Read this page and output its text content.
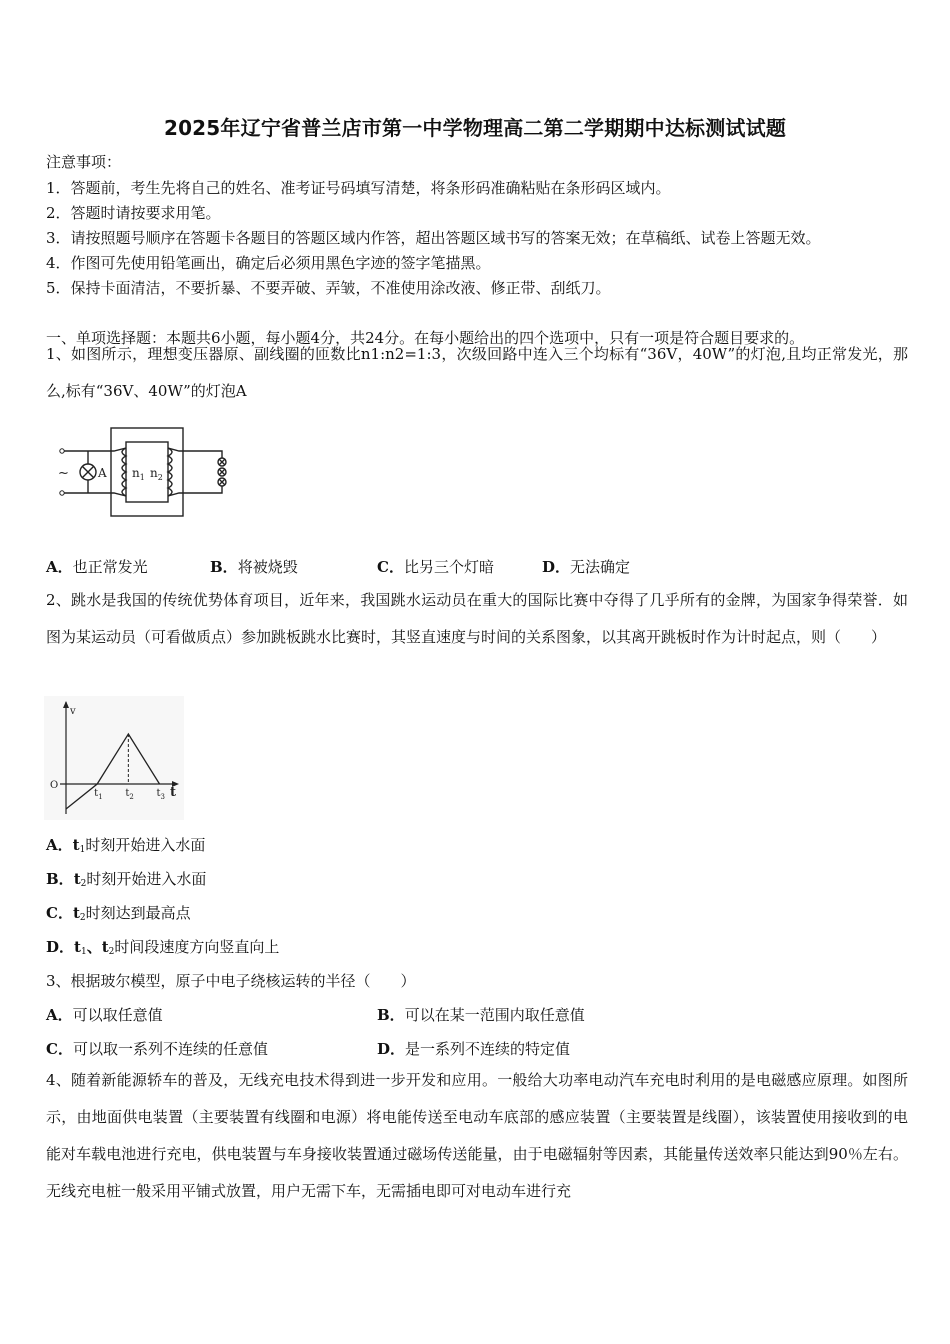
2025年辽宁省普兰店市第一中学物理高二第二学期期中达标测试试题
注意事项：
1．答题前，考生先将自己的姓名、准考证号码填写清楚，将条形码准确粘贴在条形码区域内。
2．答题时请按要求用笔。
3．请按照题号顺序在答题卡各题目的答题区域内作答，超出答题区域书写的答案无效；在草稿纸、试卷上答题无效。
4．作图可先使用铅笔画出，确定后必须用黑色字迹的签字笔描黑。
5．保持卡面清洁，不要折暴、不要弄破、弄皱，不准使用涂改液、修正带、刮纸刀。
一、单项选择题：本题共6小题，每小题4分，共24分。在每小题给出的四个选项中，只有一项是符合题目要求的。
1、如图所示，理想变压器原、副线圈的匝数比n1:n2=1:3，次级回路中连入三个均标有“36V，40W”的灯泡,且均正常发光，那么,标有“36V、40W”的灯泡A
~ A $n_1$ $n_2$
A．也正常发光	B．将被烧毁	C．比另三个灯暗	D．无法确定
2、跳水是我国的传统优势体育项目，近年来，我国跳水运动员在重大的国际比赛中夺得了几乎所有的金牌，为国家争得荣誉．如图为某运动员（可看做质点）参加跳板跳水比赛时，其竖直速度与时间的关系图象，以其离开跳板时作为计时起点，则（　　）
v
t
O
$t_1$ $t_2$ $t_3$
A．$t_1$时刻开始进入水面
B．$t_2$时刻开始进入水面
C．$t_2$时刻达到最高点
D．$t_1$、$t_2$时间段速度方向竖直向上
3、根据玻尔模型，原子中电子绕核运转的半径（　　）
A．可以取任意值	B．可以在某一范围内取任意值
C．可以取一系列不连续的任意值	D．是一系列不连续的特定值
4、随着新能源轿车的普及，无线充电技术得到进一步开发和应用。一般给大功率电动汽车充电时利用的是电磁感应原理。如图所示，由地面供电装置（主要装置有线圈和电源）将电能传送至电动车底部的感应装置（主要装置是线圈），该装置使用接收到的电能对车载电池进行充电，供电装置与车身接收装置通过磁场传送能量，由于电磁辐射等因素，其能量传送效率只能达到90％左右。无线充电桩一般采用平铺式放置，用户无需下车，无需插电即可对电动车进行充
